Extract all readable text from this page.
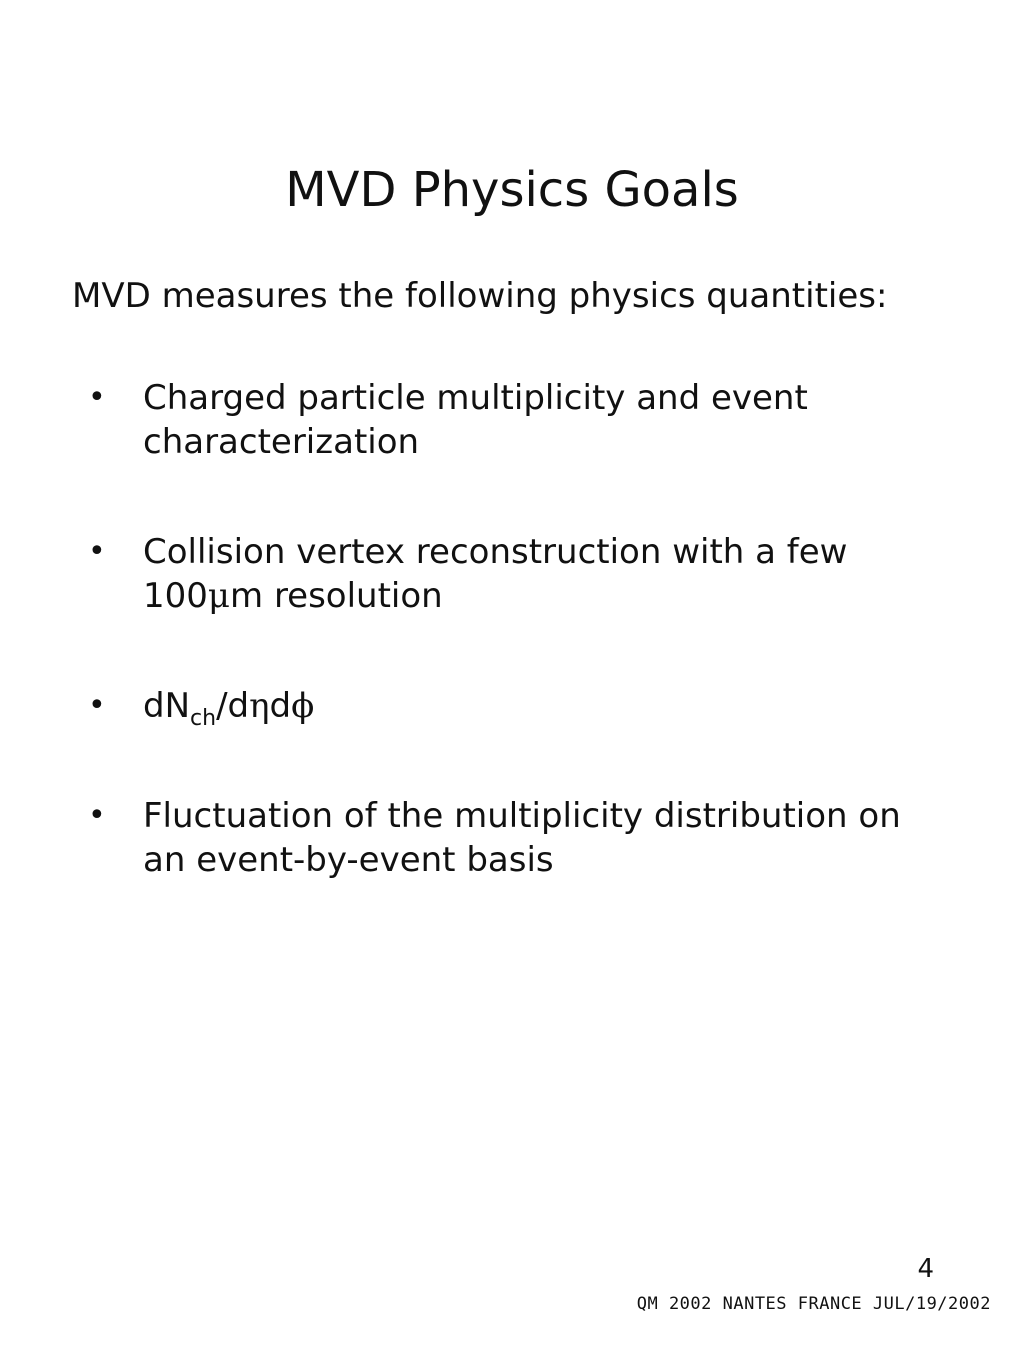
MVD Physics Goals

MVD measures the following physics quantities:

• Charged particle multiplicity and event characterization
• Collision vertex reconstruction with a few 100μm resolution
• $dN_{ch}$/dηdϕ
• Fluctuation of the multiplicity distribution on an event-by-event basis
4
QM 2002 NANTES FRANCE JUL/19/2002
